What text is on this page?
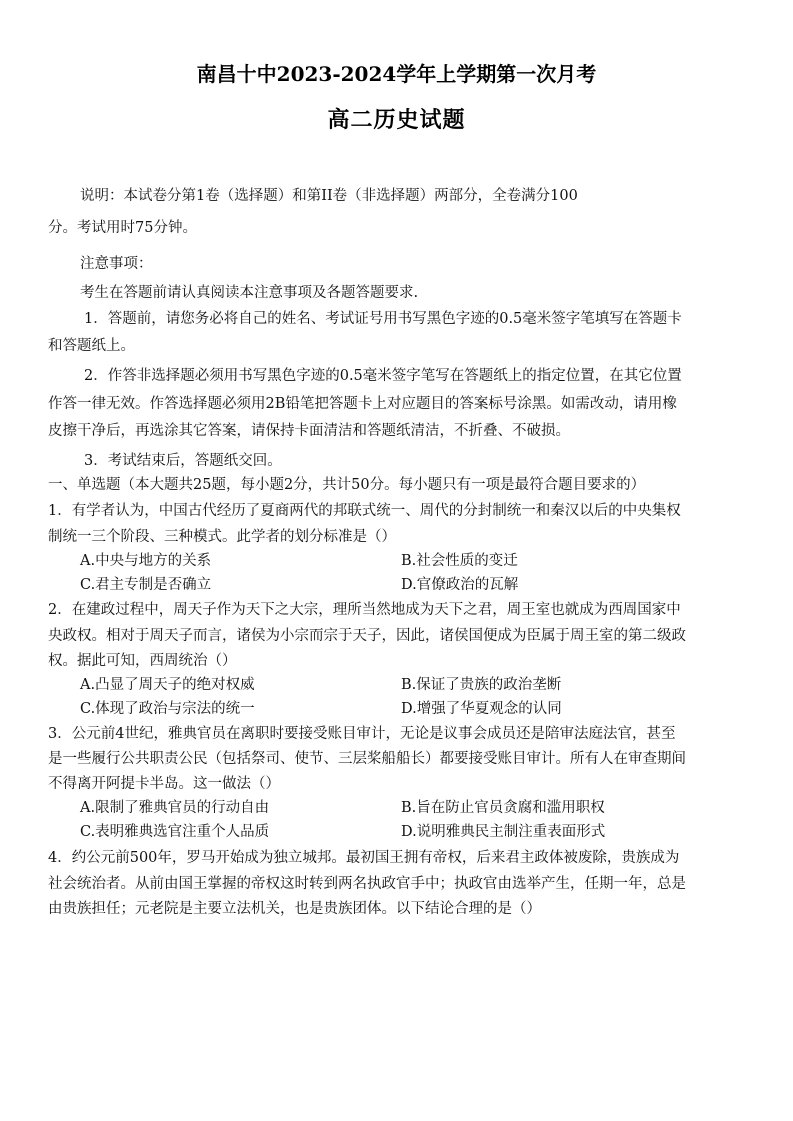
南昌十中2023-2024学年上学期第一次月考
高二历史试题
说明：本试卷分第1卷（选择题）和第II卷（非选择题）两部分，全卷满分100
分。考试用时75分钟。
注意事项：
考生在答题前请认真阅读本注意事项及各题答题要求.
1．答题前，请您务必将自己的姓名、考试证号用书写黑色字迹的0.5毫米签字笔填写在答题卡
和答题纸上。
2．作答非选择题必须用书写黑色字迹的0.5毫米签字笔写在答题纸上的指定位置，在其它位置
作答一律无效。作答选择题必须用2B铅笔把答题卡上对应题目的答案标号涂黑。如需改动，请用橡
皮擦干净后，再选涂其它答案，请保持卡面清洁和答题纸清洁，不折叠、不破损。
3．考试结束后，答题纸交回。
一、单选题（本大题共25题，每小题2分，共计50分。每小题只有一项是最符合题目要求的）
1．有学者认为，中国古代经历了夏商两代的邦联式统一、周代的分封制统一和秦汉以后的中央集权
制统一三个阶段、三种模式。此学者的划分标准是（）
A.中央与地方的关系	B.社会性质的变迁
C.君主专制是否确立	D.官僚政治的瓦解
2．在建政过程中，周天子作为天下之大宗，理所当然地成为天下之君，周王室也就成为西周国家中
央政权。相对于周天子而言，诸侯为小宗而宗于天子，因此，诸侯国便成为臣属于周王室的第二级政
权。据此可知，西周统治（）
A.凸显了周天子的绝对权威	B.保证了贵族的政治垄断
C.体现了政治与宗法的统一	D.增强了华夏观念的认同
3．公元前4世纪，雅典官员在离职时要接受账目审计，无论是议事会成员还是陪审法庭法官，甚至
是一些履行公共职责公民（包括祭司、使节、三层桨船船长）都要接受账目审计。所有人在审查期间
不得离开阿提卡半岛。这一做法（）
A.限制了雅典官员的行动自由	B.旨在防止官员贪腐和滥用职权
C.表明雅典选官注重个人品质	D.说明雅典民主制注重表面形式
4．约公元前500年，罗马开始成为独立城邦。最初国王拥有帝权，后来君主政体被废除，贵族成为
社会统治者。从前由国王掌握的帝权这时转到两名执政官手中；执政官由选举产生，任期一年，总是
由贵族担任；元老院是主要立法机关，也是贵族团体。以下结论合理的是（）
